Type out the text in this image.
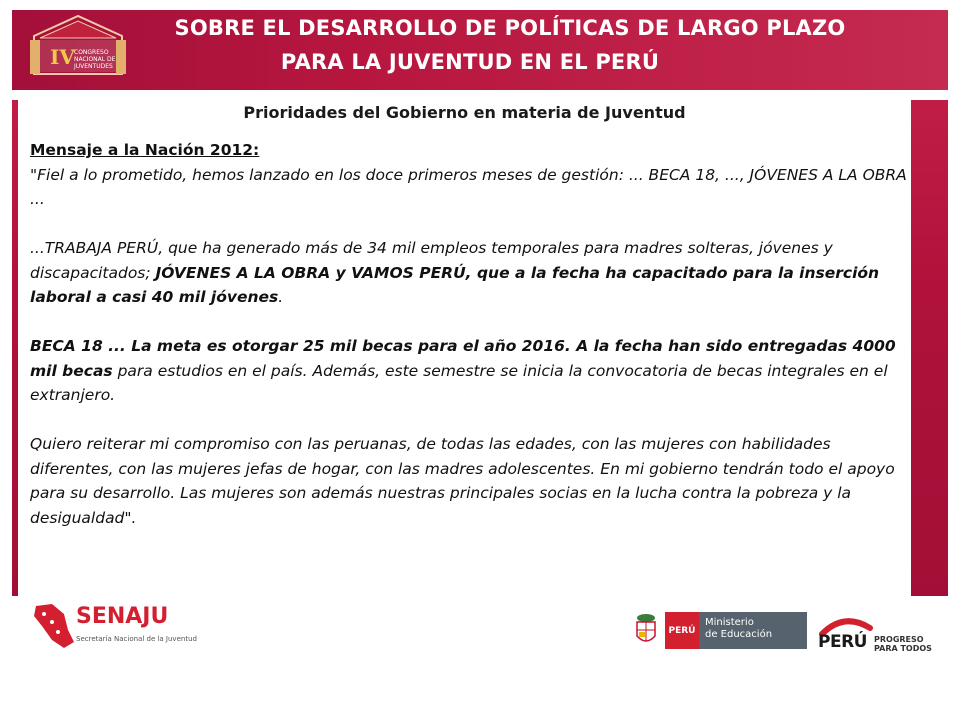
IV CONGRESO
NACIONAL DE
JUVENTUDES
SOBRE EL DESARROLLO DE POLÍTICAS DE LARGO PLAZO
PARA LA JUVENTUD EN EL PERÚ
Prioridades del Gobierno en materia de Juventud

Mensaje a la Nación 2012:

"Fiel a lo prometido, hemos lanzado en los doce primeros meses de gestión: ... BECA 18, ..., JÓVENES A LA OBRA ...

...TRABAJA PERÚ, que ha generado más de 34 mil empleos temporales para madres solteras, jóvenes y discapacitados; JÓVENES A LA OBRA y VAMOS PERÚ, que a la fecha ha capacitado para la inserción laboral a casi 40 mil jóvenes.

BECA 18 ... La meta es otorgar 25 mil becas para el año 2016. A la fecha han sido entregadas 4000 mil becas para estudios en el país. Además, este semestre se inicia la convocatoria de becas integrales en el extranjero.

Quiero reiterar mi compromiso con las peruanas, de todas las edades, con las mujeres con habilidades diferentes, con las mujeres jefas de hogar, con las madres adolescentes. En mi gobierno tendrán todo el apoyo para su desarrollo. Las mujeres son además nuestras principales socias en la lucha contra la pobreza y la desigualdad".

SENAJU
Secretaría Nacional de la Juventud
PERÚ
Ministerio
de Educación	PERÚ PROGRESO
PARA TODOS
